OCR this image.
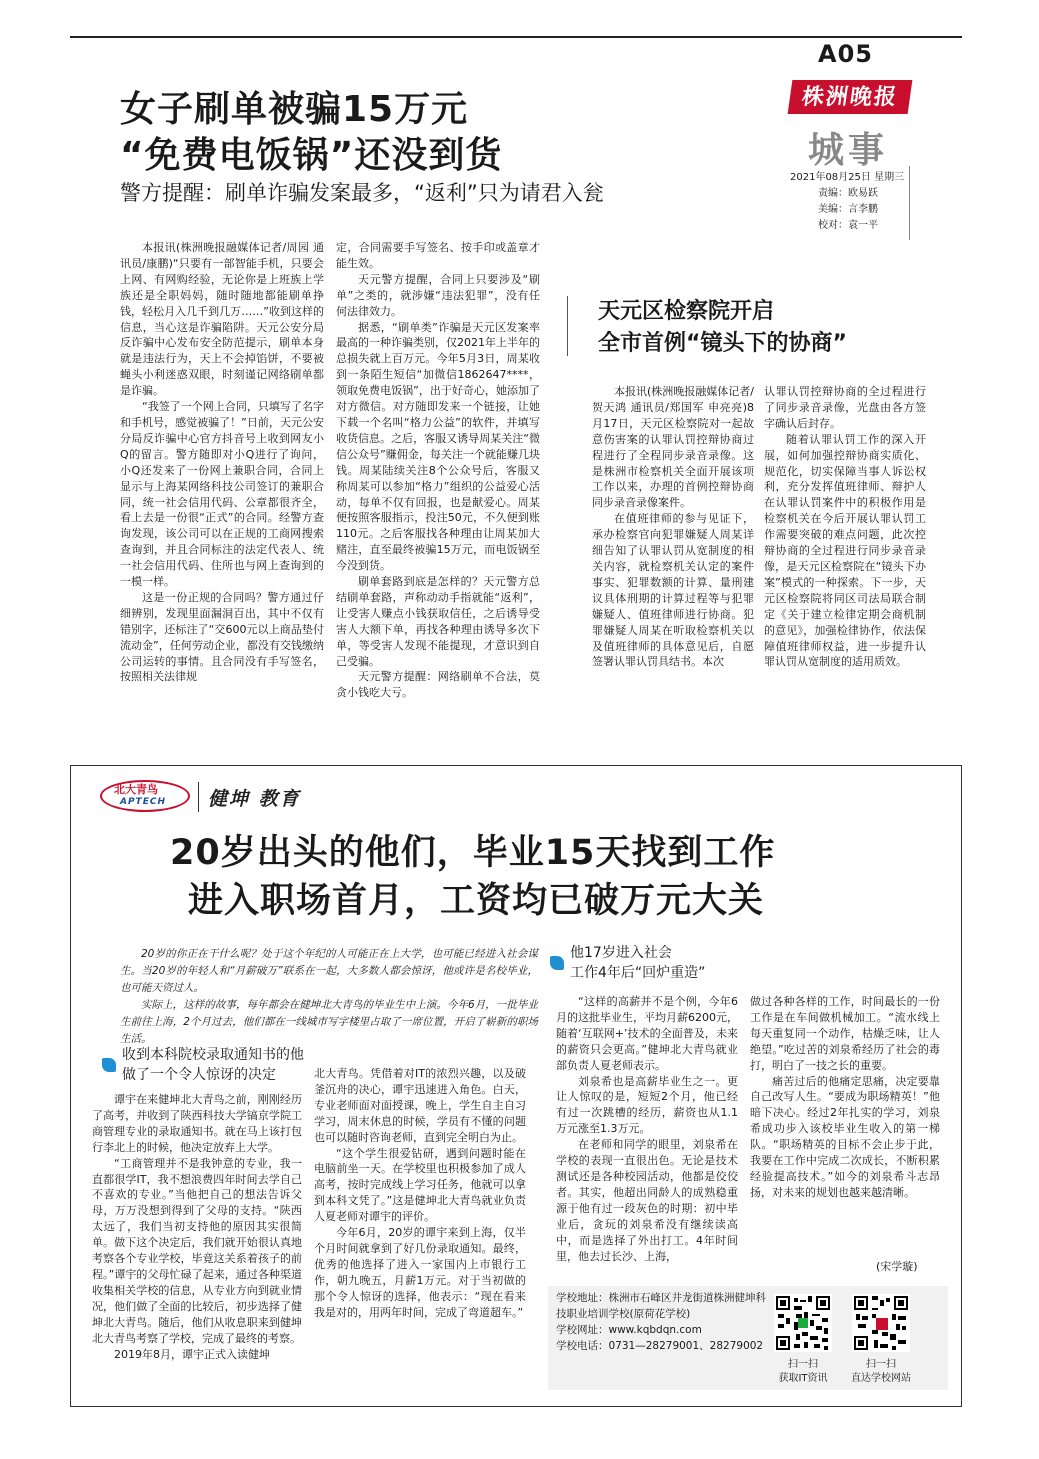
A05
株洲晚报
城事
2021年08月25日 星期三
责编：欧易跃
美编：言李鹏
校对：袁一平
女子刷单被骗15万元
“免费电饭锅”还没到货
警方提醒：刷单诈骗发案最多，“返利”只为请君入瓮

本报讯(株洲晚报融媒体记者/周园 通讯员/康鹏)“只要有一部智能手机，只要会上网、有网购经验，无论你是上班族上学族还是全职妈妈，随时随地都能刷单挣钱，轻松月入几千到几万……”收到这样的信息，当心这是诈骗陷阱。天元公安分局反诈骗中心发布安全防范提示，刷单本身就是违法行为，天上不会掉馅饼，不要被蝇头小利迷惑双眼，时刻谨记网络刷单都是诈骗。

“我签了一个网上合同，只填写了名字和手机号，感觉被骗了！”日前，天元公安分局反诈骗中心官方抖音号上收到网友小Q的留言。警方随即对小Q进行了询问，小Q还发来了一份网上兼职合同，合同上显示与上海某网络科技公司签订的兼职合同，统一社会信用代码、公章都很齐全，看上去是一份很“正式”的合同。经警方查询发现，该公司可以在正规的工商网搜索查询到，并且合同标注的法定代表人、统一社会信用代码、住所也与网上查询到的一模一样。

这是一份正规的合同吗？警方通过仔细辨别，发现里面漏洞百出，其中不仅有错别字，还标注了“交600元以上商品垫付流动金”，任何劳动企业，都没有交钱缴纳公司运转的事情。且合同没有手写签名，按照相关法律规

定，合同需要手写签名、按手印或盖章才能生效。

天元警方提醒，合同上只要涉及“刷单”之类的，就涉嫌“违法犯罪”，没有任何法律效力。

据悉，“刷单类”诈骗是天元区发案率最高的一种诈骗类别，仅2021年上半年的总损失就上百万元。今年5月3日，周某收到一条陌生短信“加微信1862647****，领取免费电饭锅”，出于好奇心，她添加了对方微信。对方随即发来一个链接，让她下载一个名叫“格力公益”的软件，并填写收货信息。之后，客服又诱导周某关注“微信公众号”赚佣金，每关注一个就能赚几块钱。周某陆续关注8个公众号后，客服又称周某可以参加“格力”组织的公益爱心活动，每单不仅有回报，也是献爱心。周某便按照客服指示，投注50元，不久便到账110元。之后客服找各种理由让周某加大赌注，直至最终被骗15万元，而电饭锅至今没到货。

刷单套路到底是怎样的？天元警方总结刷单套路，声称动动手指就能“返利”，让受害人赚点小钱获取信任，之后诱导受害人大额下单，再找各种理由诱导多次下单，等受害人发现不能提现，才意识到自己受骗。

天元警方提醒：网络刷单不合法，莫贪小钱吃大亏。

天元区检察院开启
全市首例“镜头下的协商”

本报讯(株洲晚报融媒体记者/贺天鸿 通讯员/郑国军 申亮亮)8月17日，天元区检察院对一起故意伤害案的认罪认罚控辩协商过程进行了全程同步录音录像。这是株洲市检察机关全面开展该项工作以来，办理的首例控辩协商同步录音录像案件。

在值班律师的参与见证下，承办检察官向犯罪嫌疑人周某详细告知了认罪认罚从宽制度的相关内容，就检察机关认定的案件事实、犯罪数额的计算、量刑建议具体刑期的计算过程等与犯罪嫌疑人、值班律师进行协商。犯罪嫌疑人周某在听取检察机关以及值班律师的具体意见后，自愿签署认罪认罚具结书。本次

认罪认罚控辩协商的全过程进行了同步录音录像，光盘由各方签字确认后封存。

随着认罪认罚工作的深入开展，如何加强控辩协商实质化、规范化，切实保障当事人诉讼权利，充分发挥值班律师、辩护人在认罪认罚案件中的积极作用是检察机关在今后开展认罪认罚工作需要突破的难点问题，此次控辩协商的全过程进行同步录音录像，是天元区检察院在“镜头下办案”模式的一种探索。下一步，天元区检察院将同区司法局联合制定《关于建立检律定期会商机制的意见》，加强检律协作，依法保障值班律师权益，进一步提升认罪认罚从宽制度的适用质效。

北大青鸟
APTECH 健坤 教育
20岁出头的他们，毕业15天找到工作
进入职场首月，工资均已破万元大关

20岁的你正在干什么呢？处于这个年纪的人可能正在上大学，也可能已经进入社会谋生。当20岁的年轻人和“月薪破万”联系在一起，大多数人都会惊讶，他或许是名校毕业，也可能天资过人。

实际上，这样的故事，每年都会在健坤北大青鸟的毕业生中上演。今年6月，一批毕业生前往上海，2个月过去，他们都在一线城市写字楼里占取了一席位置，开启了崭新的职场生活。

收到本科院校录取通知书的他
做了一个令人惊讶的决定

谭宇在来健坤北大青鸟之前，刚刚经历了高考，并收到了陕西科技大学镐京学院工商管理专业的录取通知书。就在马上该打包行李北上的时候，他决定放弃上大学。

“工商管理并不是我钟意的专业，我一直都很学IT，我不想浪费四年时间去学自己不喜欢的专业。”当他把自己的想法告诉父母，万万没想到得到了父母的支持。“陕西太远了，我们当初支持他的原因其实很简单。做下这个决定后，我们就开始很认真地考察各个专业学校，毕竟这关系着孩子的前程。”谭宇的父母忙碌了起来，通过各种渠道收集相关学校的信息，从专业方向到就业情况，他们做了全面的比较后，初步选择了健坤北大青鸟。随后，他们从收息职来到健坤北大青鸟考察了学校，完成了最终的考察。

2019年8月，谭宇正式入读健坤

北大青鸟。凭借着对IT的浓烈兴趣，以及破釜沉舟的决心，谭宇迅速进入角色。白天，专业老师面对面授课，晚上，学生自主自习学习，周末休息的时候，学员有不懂的问题也可以随时咨询老师，直到完全明白为止。

“这个学生很爱钻研，遇到问题时能在电脑前坐一天。在学校里也积极参加了成人高考，按时完成线上学习任务，他就可以拿到本科文凭了。”这是健坤北大青鸟就业负责人夏老师对谭宇的评价。

今年6月，20岁的谭宇来到上海，仅半个月时间就拿到了好几份录取通知。最终，优秀的他选择了进入一家国内上市银行工作，朝九晚五，月薪1万元。对于当初做的那个令人惊讶的选择，他表示：“现在看来我是对的，用两年时间，完成了弯道超车。”

他17岁进入社会
工作4年后“回炉重造”

“这样的高薪并不是个例，今年6月的这批毕业生，平均月薪6200元，随着‘互联网+’技术的全面普及，未来的薪资只会更高。”健坤北大青鸟就业部负责人夏老师表示。

刘泉希也是高薪毕业生之一。更让人惊叹的是，短短2个月，他已经有过一次跳槽的经历，薪资也从1.1万元涨至1.3万元。

在老师和同学的眼里，刘泉希在学校的表现一直很出色。无论是技术测试还是各种校园活动，他都是佼佼者。其实，他超出同龄人的成熟稳重源于他有过一段灰色的时期：初中毕业后，贪玩的刘泉希没有继续读高中，而是选择了外出打工。4年时间里，他去过长沙、上海，

做过各种各样的工作，时间最长的一份工作是在车间做机械加工。“流水线上每天重复同一个动作，枯燥乏味，让人绝望。”吃过苦的刘泉希经历了社会的毒打，明白了一技之长的重要。

痛苦过后的他痛定思痛，决定要靠自己改写人生。“要成为职场精英！”他暗下决心。经过2年扎实的学习，刘泉希成功步入该校毕业生收入的第一梯队。“职场精英的目标不会止步于此，我要在工作中完成二次成长，不断积累经验提高技术。”如今的刘泉希斗志昂扬，对未来的规划也越来越清晰。

(宋学璇)
学校地址：株洲市石峰区井龙街道株洲健坤科技职业培训学校(原荷花学校)
学校网址：www.kqbdqn.com
学校电话：0731—28279001、28279002
扫一扫
获取IT资讯
扫一扫
直达学校网站
